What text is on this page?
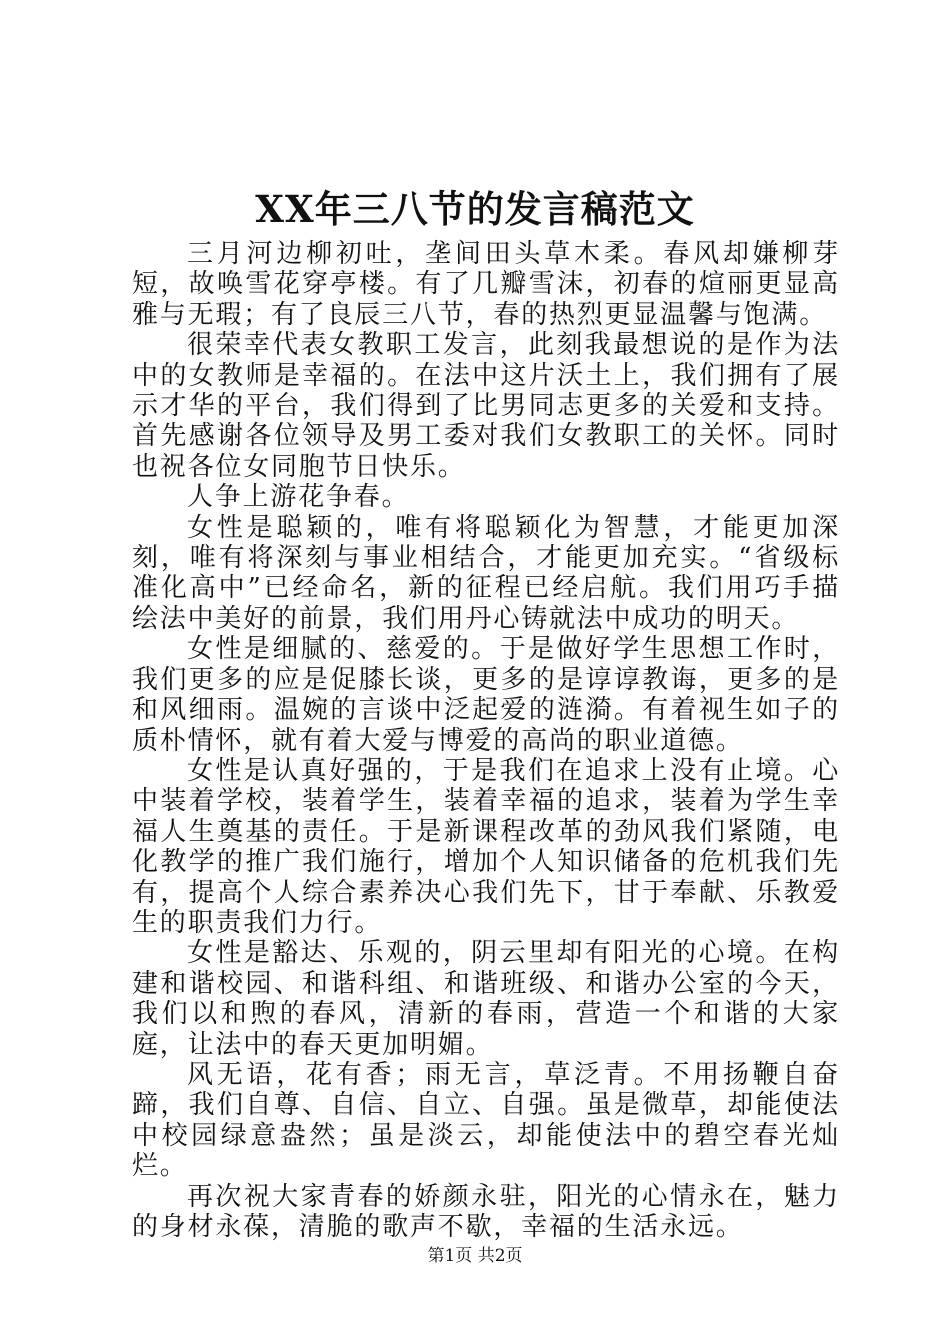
XX年三八节的发言稿范文

三月河边柳初吐，垄间田头草木柔。春风却嫌柳芽短，故唤雪花穿亭楼。有了几瓣雪沫，初春的煊丽更显高雅与无瑕；有了良辰三八节，春的热烈更显温馨与饱满。

很荣幸代表女教职工发言，此刻我最想说的是作为法中的女教师是幸福的。在法中这片沃土上，我们拥有了展示才华的平台，我们得到了比男同志更多的关爱和支持。首先感谢各位领导及男工委对我们女教职工的关怀。同时也祝各位女同胞节日快乐。

人争上游花争春。

女性是聪颖的，唯有将聪颖化为智慧，才能更加深刻，唯有将深刻与事业相结合，才能更加充实。“省级标准化高中”已经命名，新的征程已经启航。我们用巧手描绘法中美好的前景，我们用丹心铸就法中成功的明天。

女性是细腻的、慈爱的。于是做好学生思想工作时，我们更多的应是促膝长谈，更多的是谆谆教诲，更多的是和风细雨。温婉的言谈中泛起爱的涟漪。有着视生如子的质朴情怀，就有着大爱与博爱的高尚的职业道德。

女性是认真好强的，于是我们在追求上没有止境。心中装着学校，装着学生，装着幸福的追求，装着为学生幸福人生奠基的责任。于是新课程改革的劲风我们紧随，电化教学的推广我们施行，增加个人知识储备的危机我们先有，提高个人综合素养决心我们先下，甘于奉献、乐教爱生的职责我们力行。

女性是豁达、乐观的，阴云里却有阳光的心境。在构建和谐校园、和谐科组、和谐班级、和谐办公室的今天，我们以和煦的春风，清新的春雨，营造一个和谐的大家庭，让法中的春天更加明媚。

风无语，花有香；雨无言，草泛青。不用扬鞭自奋蹄，我们自尊、自信、自立、自强。虽是微草，却能使法中校园绿意盎然；虽是淡云，却能使法中的碧空春光灿烂。

再次祝大家青春的娇颜永驻，阳光的心情永在，魅力的身材永葆，清脆的歌声不歇，幸福的生活永远。

第1页 共2页
